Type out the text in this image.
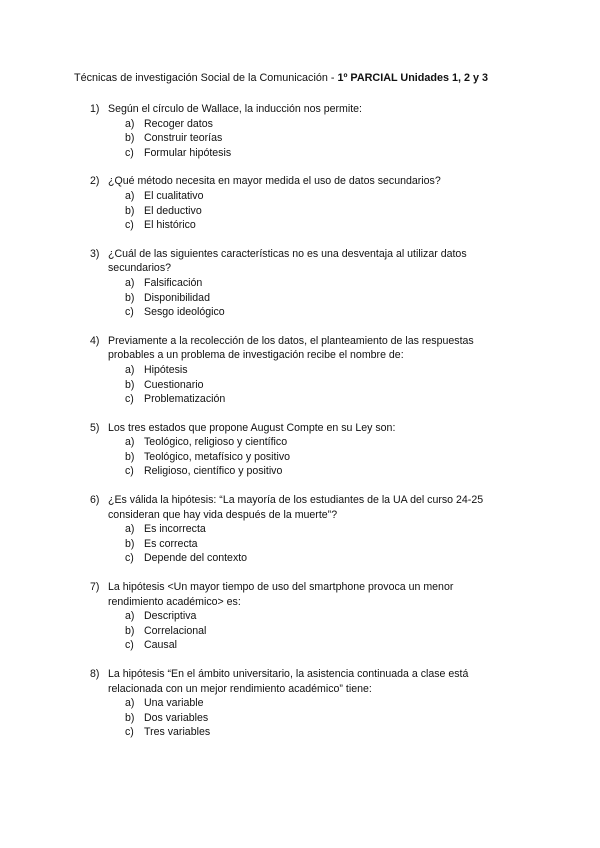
Técnicas de investigación Social de la Comunicación - 1º PARCIAL Unidades 1, 2 y 3
1) Según el círculo de Wallace, la inducción nos permite:
a) Recoger datos
b) Construir teorías
c) Formular hipótesis
2) ¿Qué método necesita en mayor medida el uso de datos secundarios?
a) El cualitativo
b) El deductivo
c) El histórico
3) ¿Cuál de las siguientes características no es una desventaja al utilizar datos secundarios?
a) Falsificación
b) Disponibilidad
c) Sesgo ideológico
4) Previamente a la recolección de los datos, el planteamiento de las respuestas probables a un problema de investigación recibe el nombre de:
a) Hipótesis
b) Cuestionario
c) Problematización
5) Los tres estados que propone August Compte en su Ley son:
a) Teológico, religioso y científico
b) Teológico, metafísico y positivo
c) Religioso, científico y positivo
6) ¿Es válida la hipótesis: “La mayoría de los estudiantes de la UA del curso 24-25 consideran que hay vida después de la muerte”?
a) Es incorrecta
b) Es correcta
c) Depende del contexto
7) La hipótesis <Un mayor tiempo de uso del smartphone provoca un menor rendimiento académico> es:
a) Descriptiva
b) Correlacional
c) Causal
8) La hipótesis “En el ámbito universitario, la asistencia continuada a clase está relacionada con un mejor rendimiento académico” tiene:
a) Una variable
b) Dos variables
c) Tres variables
